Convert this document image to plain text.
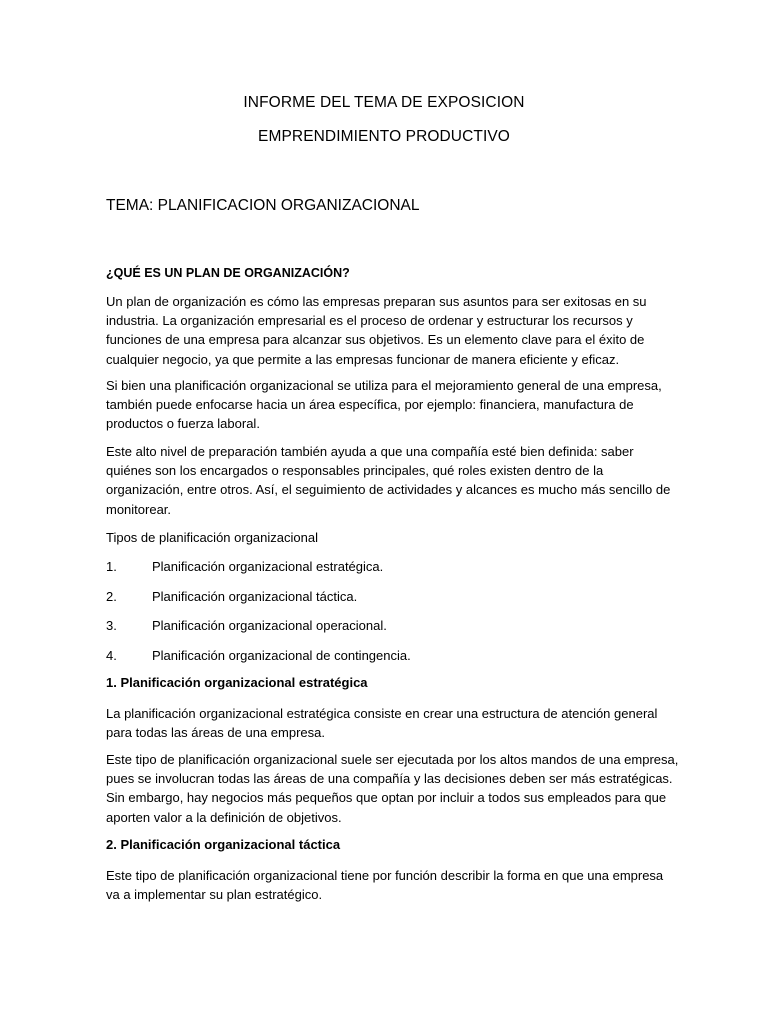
INFORME DEL TEMA DE EXPOSICION
EMPRENDIMIENTO PRODUCTIVO
TEMA: PLANIFICACION ORGANIZACIONAL
¿QUÉ ES UN PLAN DE ORGANIZACIÓN?
Un plan de organización es cómo las empresas preparan sus asuntos para ser exitosas en su
industria. La organización empresarial es el proceso de ordenar y estructurar los recursos y
funciones de una empresa para alcanzar sus objetivos. Es un elemento clave para el éxito de
cualquier negocio, ya que permite a las empresas funcionar de manera eficiente y eficaz.
Si bien una planificación organizacional se utiliza para el mejoramiento general de una empresa,
también puede enfocarse hacia un área específica, por ejemplo: financiera, manufactura de
productos o fuerza laboral.
Este alto nivel de preparación también ayuda a que una compañía esté bien definida: saber
quiénes son los encargados o responsables principales, qué roles existen dentro de la
organización, entre otros. Así, el seguimiento de actividades y alcances es mucho más sencillo de
monitorear.
Tipos de planificación organizacional
1.	Planificación organizacional estratégica.
2.	Planificación organizacional táctica.
3.	Planificación organizacional operacional.
4.	Planificación organizacional de contingencia.
1. Planificación organizacional estratégica
La planificación organizacional estratégica consiste en crear una estructura de atención general
para todas las áreas de una empresa.
Este tipo de planificación organizacional suele ser ejecutada por los altos mandos de una empresa,
pues se involucran todas las áreas de una compañía y las decisiones deben ser más estratégicas.
Sin embargo, hay negocios más pequeños que optan por incluir a todos sus empleados para que
aporten valor a la definición de objetivos.
2. Planificación organizacional táctica
Este tipo de planificación organizacional tiene por función describir la forma en que una empresa
va a implementar su plan estratégico.
